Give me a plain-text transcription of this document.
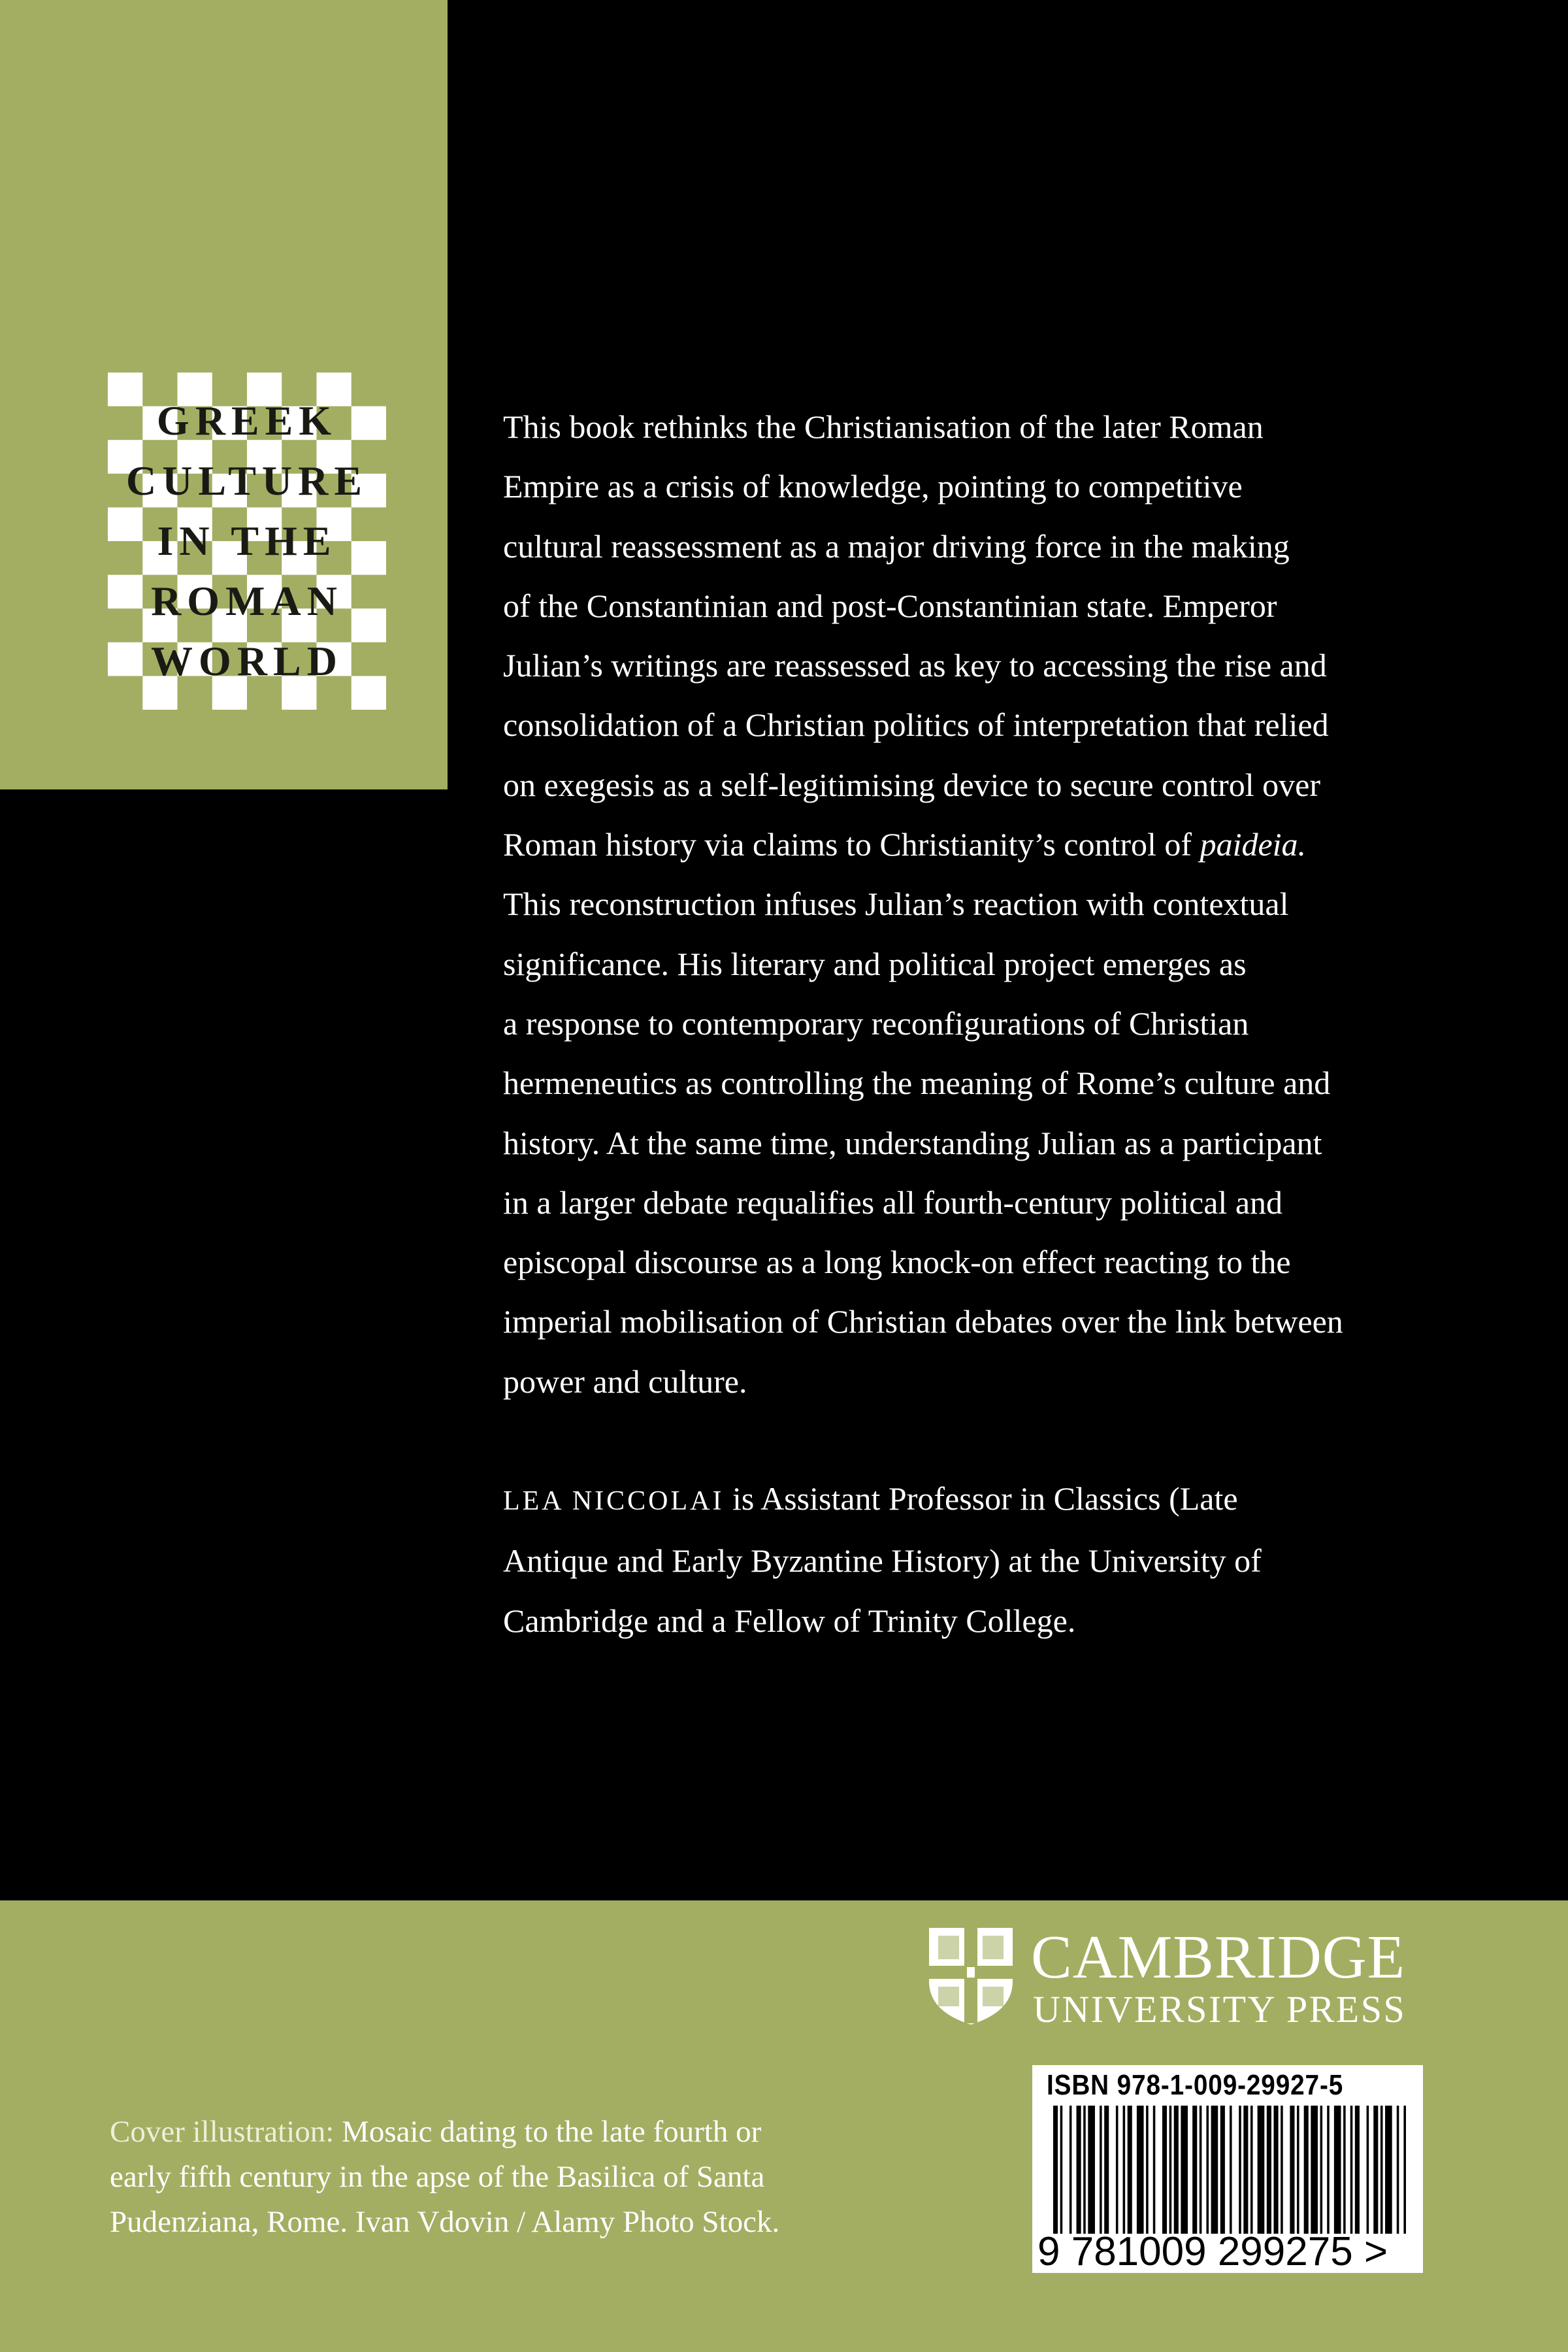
GREEK
CULTURE
IN THE
ROMAN
WORLD
This book rethinks the Christianisation of the later Roman
Empire as a crisis of knowledge, pointing to competitive
cultural reassessment as a major driving force in the making
of the Constantinian and post-Constantinian state. Emperor
Julian’s writings are reassessed as key to accessing the rise and
consolidation of a Christian politics of interpretation that relied
on exegesis as a self-legitimising device to secure control over
Roman history via claims to Christianity’s control of paideia.
This reconstruction infuses Julian’s reaction with contextual
significance. His literary and political project emerges as
a response to contemporary reconfigurations of Christian
hermeneutics as controlling the meaning of Rome’s culture and
history. At the same time, understanding Julian as a participant
in a larger debate requalifies all fourth-century political and
episcopal discourse as a long knock-on effect reacting to the
imperial mobilisation of Christian debates over the link between
power and culture.
LEA NICCOLAI is Assistant Professor in Classics (Late
Antique and Early Byzantine History) at the University of
Cambridge and a Fellow of Trinity College.
CAMBRIDGE
UNIVERSITY PRESS
Cover illustration: Mosaic dating to the late fourth or
early fifth century in the apse of the Basilica of Santa
Pudenziana, Rome. Ivan Vdovin / Alamy Photo Stock.
ISBN 978-1-009-29927-5
9 781009 299275 >
